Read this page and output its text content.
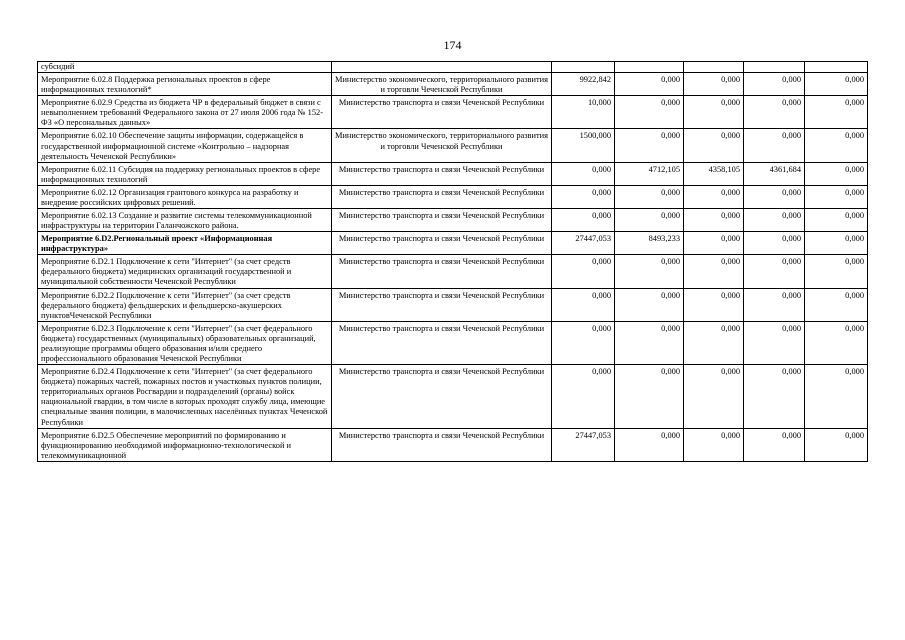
174
субсидий						
Мероприятие 6.02.8 Поддержка региональных проектов в сфере информационных технологий*	Министерство экономического, территориального развития и торговли Чеченской Республики	9922,842	0,000	0,000	0,000	0,000
Мероприятие 6.02.9 Средства из бюджета ЧР в федеральный бюджет в связи с невыполнением требований Федерального закона от 27 июля 2006 года № 152-ФЗ «О персональных данных»	Министерство транспорта и связи Чеченской Республики	10,000	0,000	0,000	0,000	0,000
Мероприятие 6.02.10 Обеспечение защиты информации, содержащейся в государственной информационной системе «Контрольно – надзорная деятельность Чеченской Республики»	Министерство экономического, территориального развития и торговли Чеченской Республики	1500,000	0,000	0,000	0,000	0,000
Мероприятие 6.02.11 Субсидия на поддержку региональных проектов в сфере информационных технологий	Министерство транспорта и связи Чеченской Республики	0,000	4712,105	4358,105	4361,684	0,000
Мероприятие 6.02.12 Организация грантового конкурса на разработку и внедрение российских цифровых решений.	Министерство транспорта и связи Чеченской Республики	0,000	0,000	0,000	0,000	0,000
Мероприятие 6.02.13 Создание и развитие системы телекоммуникационной инфраструктуры на территории Галанчожского района.	Министерство транспорта и связи Чеченской Республики	0,000	0,000	0,000	0,000	0,000
Мероприятие 6.D2.Региональный проект «Информационная инфраструктура»	Министерство транспорта и связи Чеченской Республики	27447,053	8493,233	0,000	0,000	0,000
Мероприятие 6.D2.1 Подключение к сети "Интернет" (за счет средств федерального бюджета) медицинских организаций государственной и муниципальной собственности Чеченской Республики	Министерство транспорта и связи Чеченской Республики	0,000	0,000	0,000	0,000	0,000
Мероприятие 6.D2.2 Подключение к сети "Интернет" (за счет средств федерального бюджета) фельдшерских и фельдшерско-акушерских пунктовЧеченской Республики	Министерство транспорта и связи Чеченской Республики	0,000	0,000	0,000	0,000	0,000
Мероприятие 6.D2.3 Подключение к сети "Интернет" (за счет федерального бюджета) государственных (муниципальных) образовательных организаций, реализующие программы общего образования и/или среднего профессионального образования Чеченской Республики	Министерство транспорта и связи Чеченской Республики	0,000	0,000	0,000	0,000	0,000
Мероприятие 6.D2.4 Подключение к сети "Интернет" (за счет федерального бюджета) пожарных частей, пожарных постов и участковых пунктов полиции, территориальных органов Росгвардии и подразделений (органы) войск национальной гвардии, в том числе в которых проходят службу лица, имеющие специальные звания полиции, в малочисленных населённых пунктах Чеченской Республики	Министерство транспорта и связи Чеченской Республики	0,000	0,000	0,000	0,000	0,000
Мероприятие 6.D2.5 Обеспечение мероприятий по формированию и функционированию необходимой информационно-технологической и телекоммуникационной	Министерство транспорта и связи Чеченской Республики	27447,053	0,000	0,000	0,000	0,000
